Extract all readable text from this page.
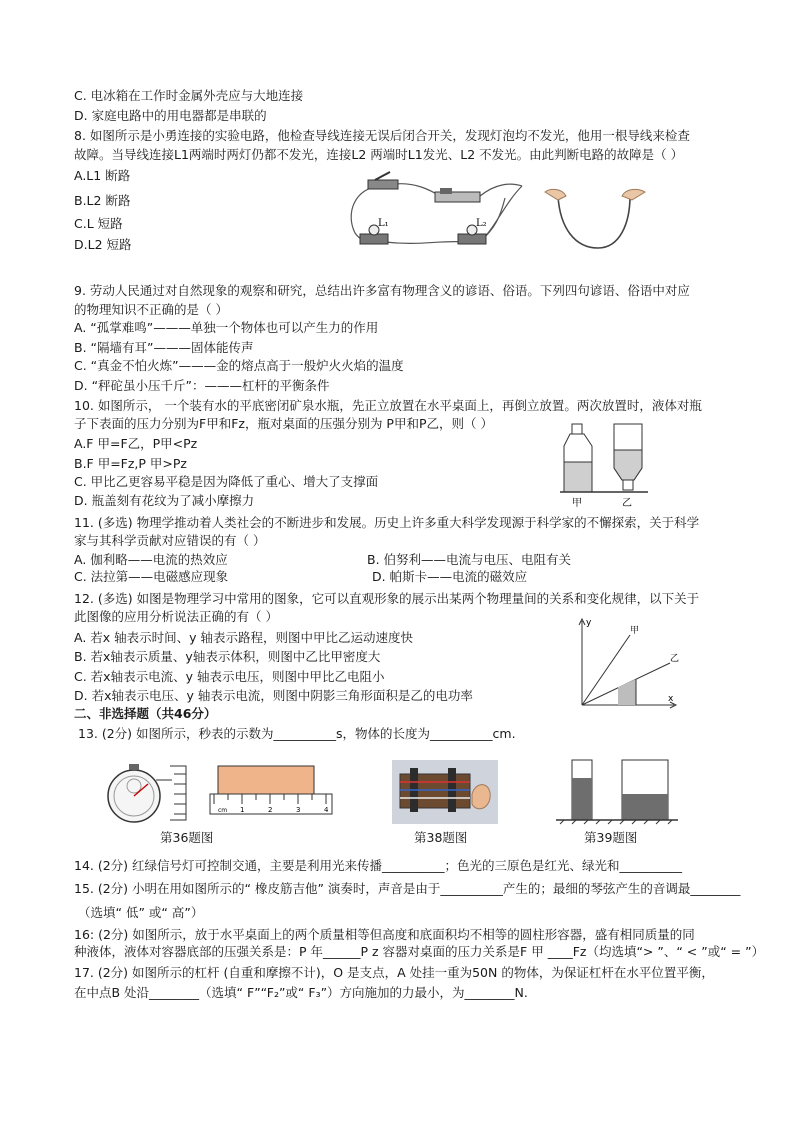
C. 电冰箱在工作时金属外壳应与大地连接
D. 家庭电路中的用电器都是串联的
8. 如图所示是小勇连接的实验电路，他检查导线连接无误后闭合开关，发现灯泡均不发光，他用一根导线来检查
故障。当导线连接L1两端时两灯仍都不发光，连接L2 两端时L1发光、L2 不发光。由此判断电路的故障是（ ）
A.L1 断路
B.L2 断路
C.L 短路
D.L2 短路
L₁	L₂
9. 劳动人民通过对自然现象的观察和研究，总结出许多富有物理含义的谚语、俗语。下列四句谚语、俗语中对应
的物理知识不正确的是（ ）
A. “孤掌难鸣”———单独一个物体也可以产生力的作用
B. “隔墙有耳”———固体能传声
C. “真金不怕火炼”———金的熔点高于一般炉火火焰的温度
D. “秤砣虽小压千斤”：———杠杆的平衡条件
10. 如图所示， 一个装有水的平底密闭矿泉水瓶，先正立放置在水平桌面上，再倒立放置。两次放置时，液体对瓶
子下表面的压力分别为F甲和Fz，瓶对桌面的压强分别为 P甲和P乙，则（ ）
A.F 甲=F乙，P甲<Pz
B.F 甲=Fz,P 甲>Pz
C. 甲比乙更容易平稳是因为降低了重心、增大了支撑面
D. 瓶盖刻有花纹为了减小摩擦力	甲	乙
11. (多选) 物理学推动着人类社会的不断进步和发展。历史上许多重大科学发现源于科学家的不懈探索，关于科学
家与其科学贡献对应错误的有（ ）
A. 伽利略——电流的热效应	B. 伯努利——电流与电压、电阻有关
C. 法拉第——电磁感应现象	D. 帕斯卡——电流的磁效应
12. (多选) 如图是物理学习中常用的图象，它可以直观形象的展示出某两个物理量间的关系和变化规律，以下关于
此图像的应用分析说法正确的有（ ）
A. 若x 轴表示时间、y 轴表示路程，则图中甲比乙运动速度快
B. 若x轴表示质量、y轴表示体积，则图中乙比甲密度大
C. 若x轴表示电流、y 轴表示电压，则图中甲比乙电阻小
D. 若x轴表示电压、y 轴表示电流，则图中阴影三角形面积是乙的电功率
y
x
甲
乙
二、非选择题（共46分）
13. (2分) 如图所示，秒表的示数为__________s，物体的长度为__________cm.
1	2	3	4
cm
第36题图	第38题图	第39题图
14. (2分) 红绿信号灯可控制交通，主要是利用光来传播__________；色光的三原色是红光、绿光和__________
15. (2分) 小明在用如图所示的“ 橡皮筋吉他” 演奏时，声音是由于__________产生的；最细的琴弦产生的音调最________
（选填“ 低” 或“ 高”）
16: (2分) 如图所示，放于水平桌面上的两个质量相等但高度和底面积均不相等的圆柱形容器，盛有相同质量的同
种液体，液体对容器底部的压强关系是：P 年______P z 容器对桌面的压力关系是F 甲 ____Fz（均选填“> ”、“ < ”或“ = ”）
17. (2分) 如图所示的杠杆 (自重和摩擦不计)，O 是支点，A 处挂一重为50N 的物体，为保证杠杆在水平位置平衡，
在中点B 处沿________（选填“ F”“F₂”或“ F₃”）方向施加的力最小，为________N.
